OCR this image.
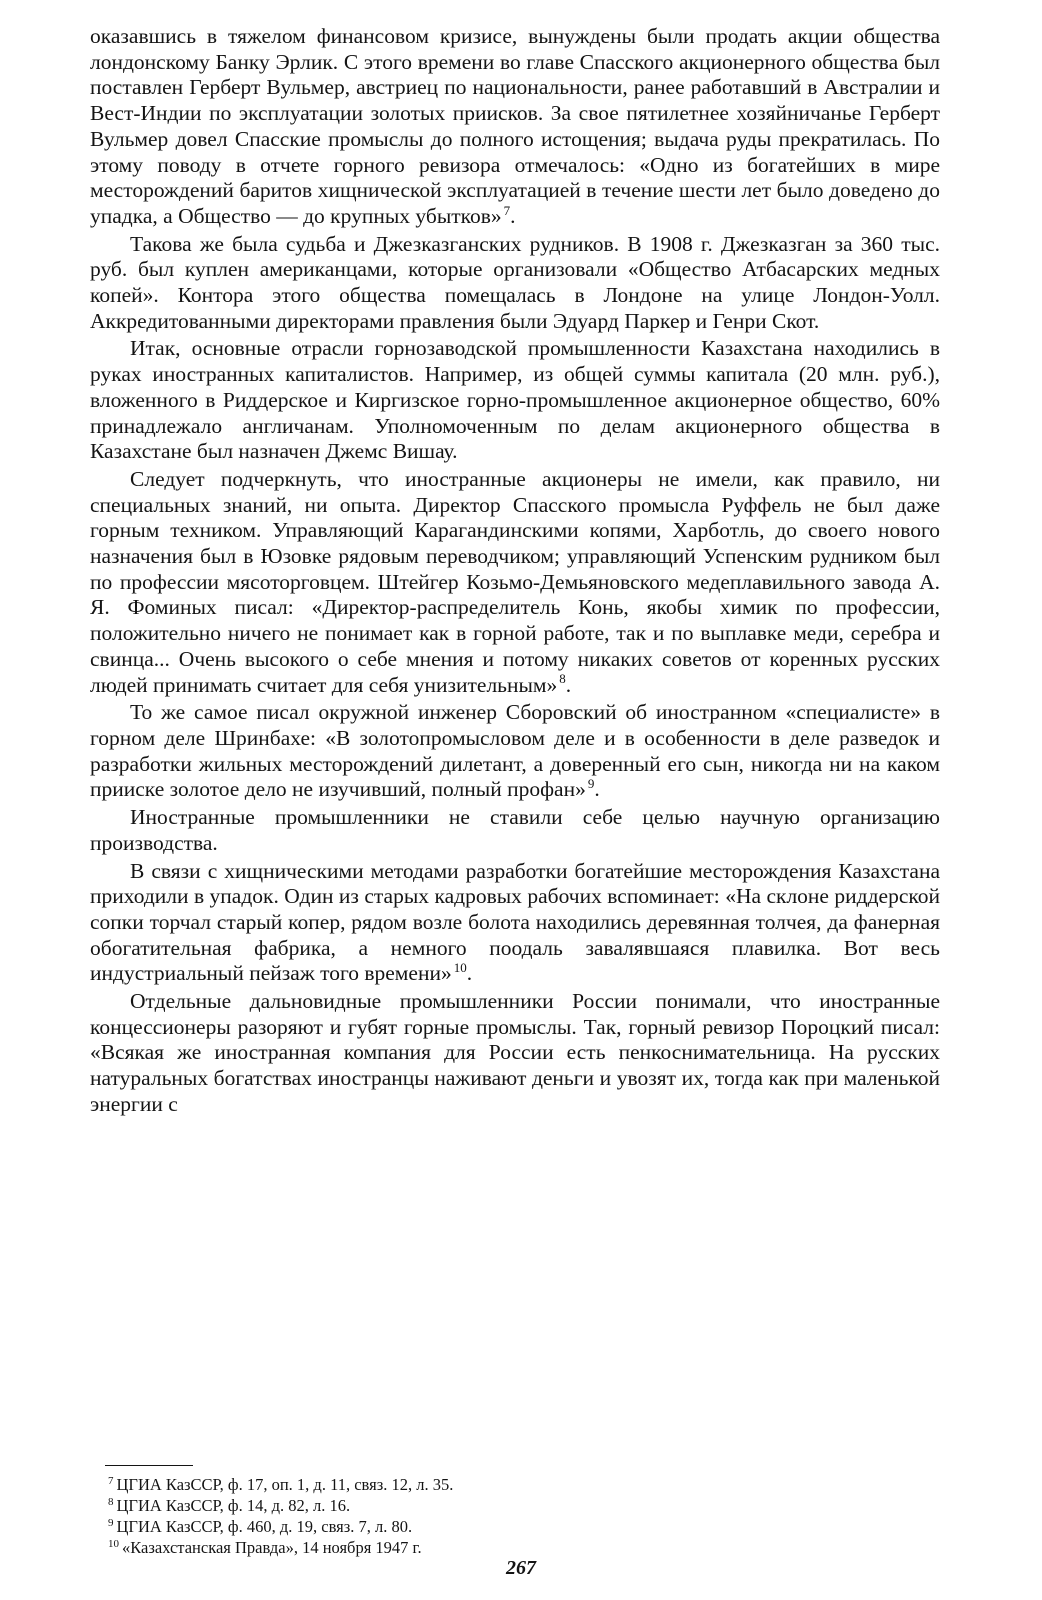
оказавшись в тяжелом финансовом кризисе, вынуждены были продать акции общества лондонскому Банку Эрлик. С этого времени во главе Спасского акционерного общества был поставлен Герберт Вульмер, австриец по национальности, ранее работавший в Австралии и Вест-Индии по эксплуатации золотых приисков. За свое пятилетнее хозяйничанье Герберт Вульмер довел Спасские промыслы до полного истощения; выдача руды прекратилась. По этому поводу в отчете горного ревизора отмечалось: «Одно из богатейших в мире месторождений баритов хищнической эксплуатацией в течение шести лет было доведено до упадка, а Общество — до крупных убытков» $^7$.

Такова же была судьба и Джезказганских рудников. В 1908 г. Джезказган за 360 тыс. руб. был куплен американцами, которые организовали «Общество Атбасарских медных копей». Контора этого общества помещалась в Лондоне на улице Лондон-Уолл. Аккредитованными директорами правления были Эдуард Паркер и Генри Скот.

Итак, основные отрасли горнозаводской промышленности Казахстана находились в руках иностранных капиталистов. Например, из общей суммы капитала (20 млн. руб.), вложенного в Риддерское и Киргизское горно-промышленное акционерное общество, 60% принадлежало англичанам. Уполномоченным по делам акционерного общества в Казахстане был назначен Джемс Вишау.

Следует подчеркнуть, что иностранные акционеры не имели, как правило, ни специальных знаний, ни опыта. Директор Спасского промысла Руффель не был даже горным техником. Управляющий Карагандинскими копями, Харботль, до своего нового назначения был в Юзовке рядовым переводчиком; управляющий Успенским рудником был по профессии мясоторговцем. Штейгер Козьмо-Демьяновского медеплавильного завода А. Я. Фоминых писал: «Директор-распределитель Конь, якобы химик по профессии, положительно ничего не понимает как в горной работе, так и по выплавке меди, серебра и свинца... Очень высокого о себе мнения и потому никаких советов от коренных русских людей принимать считает для себя унизительным» $^8$.

То же самое писал окружной инженер Сборовский об иностранном «специалисте» в горном деле Шринбахе: «В золотопромысловом деле и в особенности в деле разведок и разработки жильных месторождений дилетант, а доверенный его сын, никогда ни на каком прииске золотое дело не изучивший, полный профан» $^9$.

Иностранные промышленники не ставили себе целью научную организацию производства.

В связи с хищническими методами разработки богатейшие месторождения Казахстана приходили в упадок. Один из старых кадровых рабочих вспоминает: «На склоне риддерской сопки торчал старый копер, рядом возле болота находились деревянная толчея, да фанерная обогатительная фабрика, а немного поодаль завалявшаяся плавилка. Вот весь индустриальный пейзаж того времени» $^{10}$.

Отдельные дальновидные промышленники России понимали, что иностранные концессионеры разоряют и губят горные промыслы. Так, горный ревизор Пороцкий писал: «Всякая же иностранная компания для России есть пенкоснимательница. На русских натуральных богатствах иностранцы наживают деньги и увозят их, тогда как при маленькой энергии с

$^7$ ЦГИА КазССР, ф. 17, оп. 1, д. 11, связ. 12, л. 35.
$^8$ ЦГИА КазССР, ф. 14, д. 82, л. 16.
$^9$ ЦГИА КазССР, ф. 460, д. 19, связ. 7, л. 80.
$^{10}$ «Казахстанская Правда», 14 ноября 1947 г.
267
